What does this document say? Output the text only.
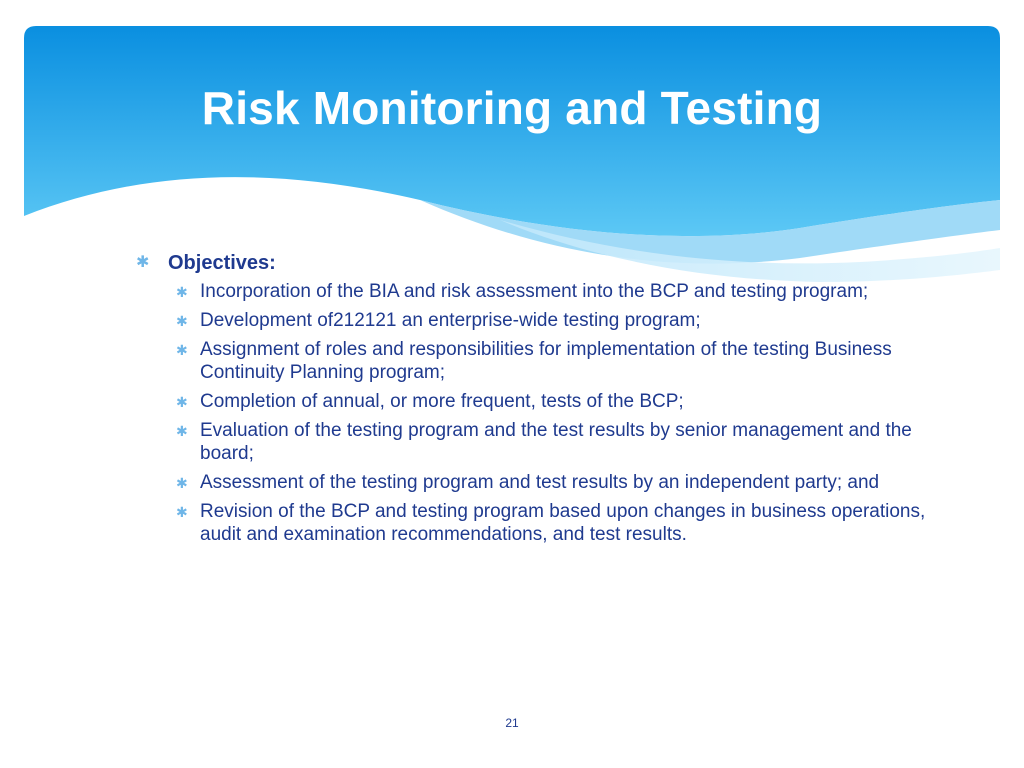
Risk Monitoring and Testing
✱ Objectives:
✱ Incorporation of the BIA and risk assessment into the BCP and testing program;
✱ Development of212121 an enterprise-wide testing program;
✱ Assignment of roles and responsibilities for implementation of the testing Business Continuity Planning program;
✱ Completion of annual, or more frequent, tests of the BCP;
✱ Evaluation of the testing program and the test results by senior management and the board;
✱ Assessment of the testing program and test results by an independent party; and
✱ Revision of the BCP and testing program based upon changes in business operations, audit and examination recommendations, and test results.
21
